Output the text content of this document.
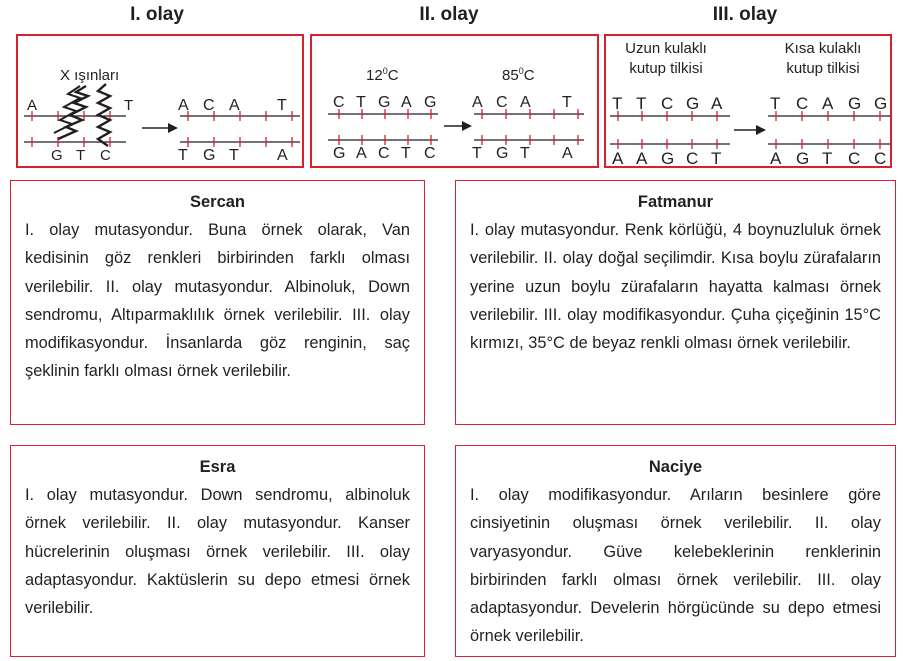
I. olay	II. olay	III. olay
X ışınları
A	T
G T C
A C A T
T G T A
$12^0C$	$85^0C$
C T G A G
G A C T C
A C A T
T G T A
Uzun kulaklı
kutup tilkisi
Kısa kulaklı
kutup tilkisi
T T C G A
A A G C T
T C A G G
A G T C C
Sercan
I. olay mutasyondur. Buna örnek olarak, Van kedisinin göz renkleri birbirinden farklı olması verilebilir. II. olay mutasyondur. Albinoluk, Down sendromu, Altıparmaklılık örnek verilebilir. III. olay modifikasyondur. İnsanlarda göz renginin, saç şeklinin farklı olması örnek verilebilir.
Fatmanur
I. olay mutasyondur. Renk körlüğü, 4 boynuzluluk örnek verilebilir. II. olay doğal seçilimdir. Kısa boylu zürafaların yerine uzun boylu zürafaların hayatta kalması örnek verilebilir. III. olay modifikasyondur. Çuha çiçeğinin 15°C kırmızı, 35°C de beyaz renkli olması örnek verilebilir.
Esra
I. olay mutasyondur. Down sendromu, albinoluk örnek verilebilir. II. olay mutasyondur. Kanser hücrelerinin oluşması örnek verilebilir. III. olay adaptasyondur. Kaktüslerin su depo etmesi örnek verilebilir.
Naciye
I. olay modifikasyondur. Arıların besinlere göre cinsiyetinin oluşması örnek verilebilir. II. olay varyasyondur. Güve kelebeklerinin renklerinin birbirinden farklı olması örnek verilebilir. III. olay adaptasyondur. Develerin hörgücünde su depo etmesi örnek verilebilir.
